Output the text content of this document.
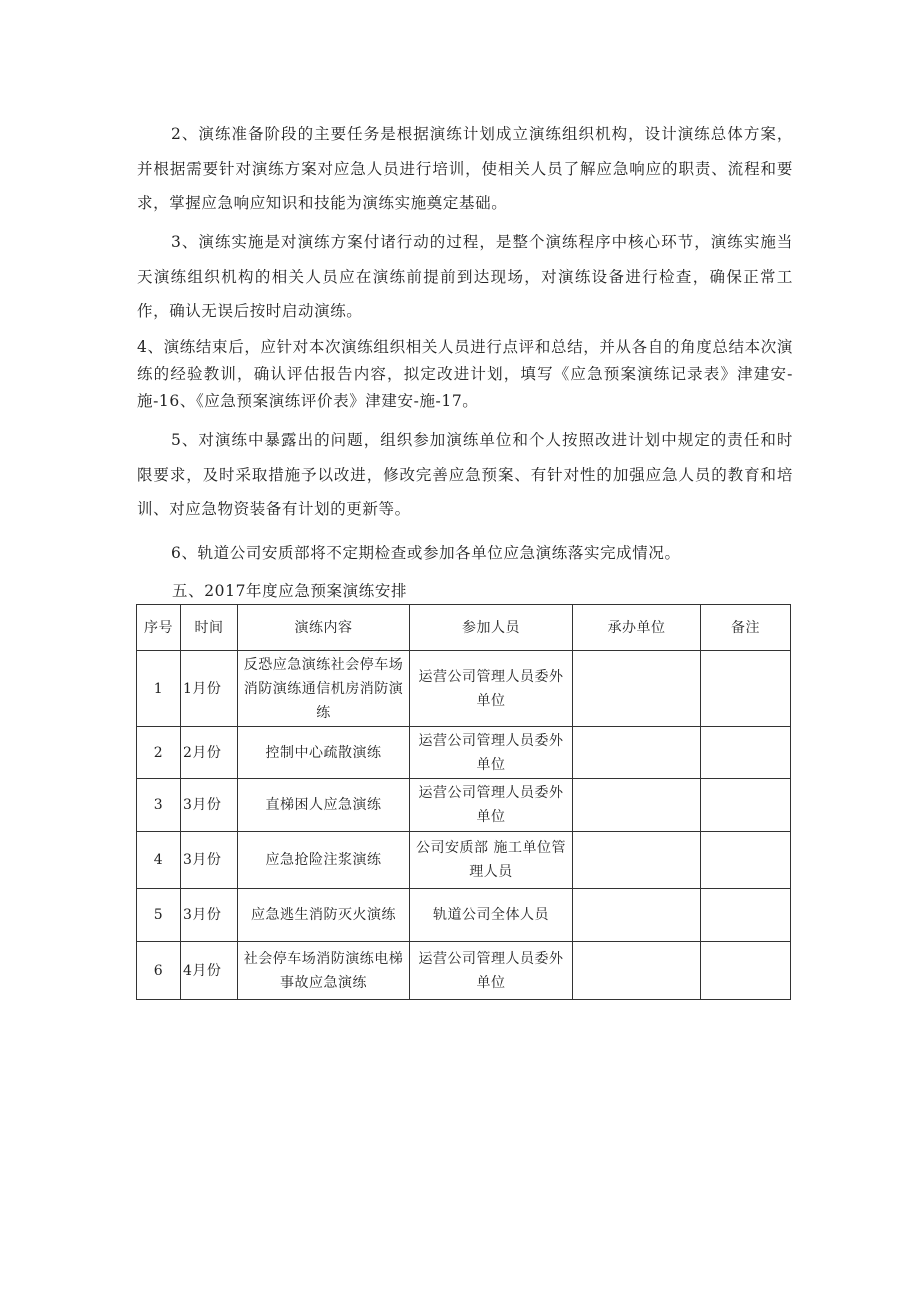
2、演练准备阶段的主要任务是根据演练计划成立演练组织机构，设计演练总体方案，并根据需要针对演练方案对应急人员进行培训，使相关人员了解应急响应的职责、流程和要求，掌握应急响应知识和技能为演练实施奠定基础。

3、演练实施是对演练方案付诸行动的过程，是整个演练程序中核心环节，演练实施当天演练组织机构的相关人员应在演练前提前到达现场，对演练设备进行检查，确保正常工作，确认无误后按时启动演练。

4、演练结束后，应针对本次演练组织相关人员进行点评和总结，并从各自的角度总结本次演练的经验教训，确认评估报告内容，拟定改进计划，填写《应急预案演练记录表》津建安-施-16、《应急预案演练评价表》津建安-施-17。

5、对演练中暴露出的问题，组织参加演练单位和个人按照改进计划中规定的责任和时限要求，及时采取措施予以改进，修改完善应急预案、有针对性的加强应急人员的教育和培训、对应急物资装备有计划的更新等。

6、轨道公司安质部将不定期检查或参加各单位应急演练落实完成情况。

五、2017年度应急预案演练安排

序号	时间	演练内容	参加人员	承办单位	备注
1	1月份	反恐应急演练社会停车场消防演练通信机房消防演练	运营公司管理人员委外单位		
2	2月份	控制中心疏散演练	运营公司管理人员委外单位		
3	3月份	直梯困人应急演练	运营公司管理人员委外单位		
4	3月份	应急抢险注浆演练	公司安质部 施工单位管理人员		
5	3月份	应急逃生消防灭火演练	轨道公司全体人员		
6	4月份	社会停车场消防演练电梯事故应急演练	运营公司管理人员委外单位		
